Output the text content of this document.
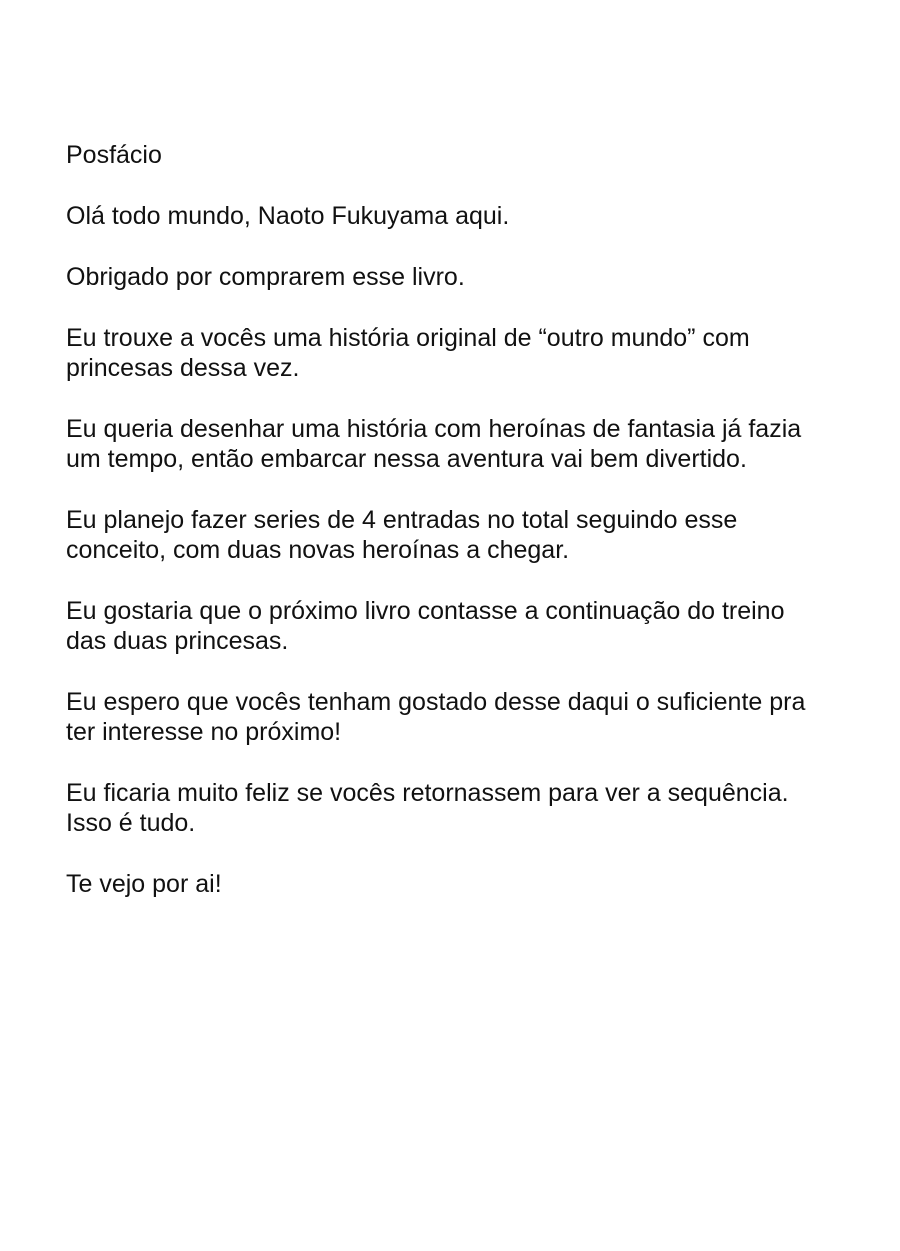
Posfácio
Olá todo mundo, Naoto Fukuyama aqui.
Obrigado por comprarem esse livro.
Eu trouxe a vocês uma história original de “outro mundo” com
princesas dessa vez.
Eu queria desenhar uma história com heroínas de fantasia já fazia
um tempo, então embarcar nessa aventura vai bem divertido.
Eu planejo fazer series de 4 entradas no total seguindo esse
conceito, com duas novas heroínas a chegar.
Eu gostaria que o próximo livro contasse a continuação do treino
das duas princesas.
Eu espero que vocês tenham gostado desse daqui o suficiente pra
ter interesse no próximo!
Eu ficaria muito feliz se vocês retornassem para ver a sequência.
Isso é tudo.
Te vejo por ai!
